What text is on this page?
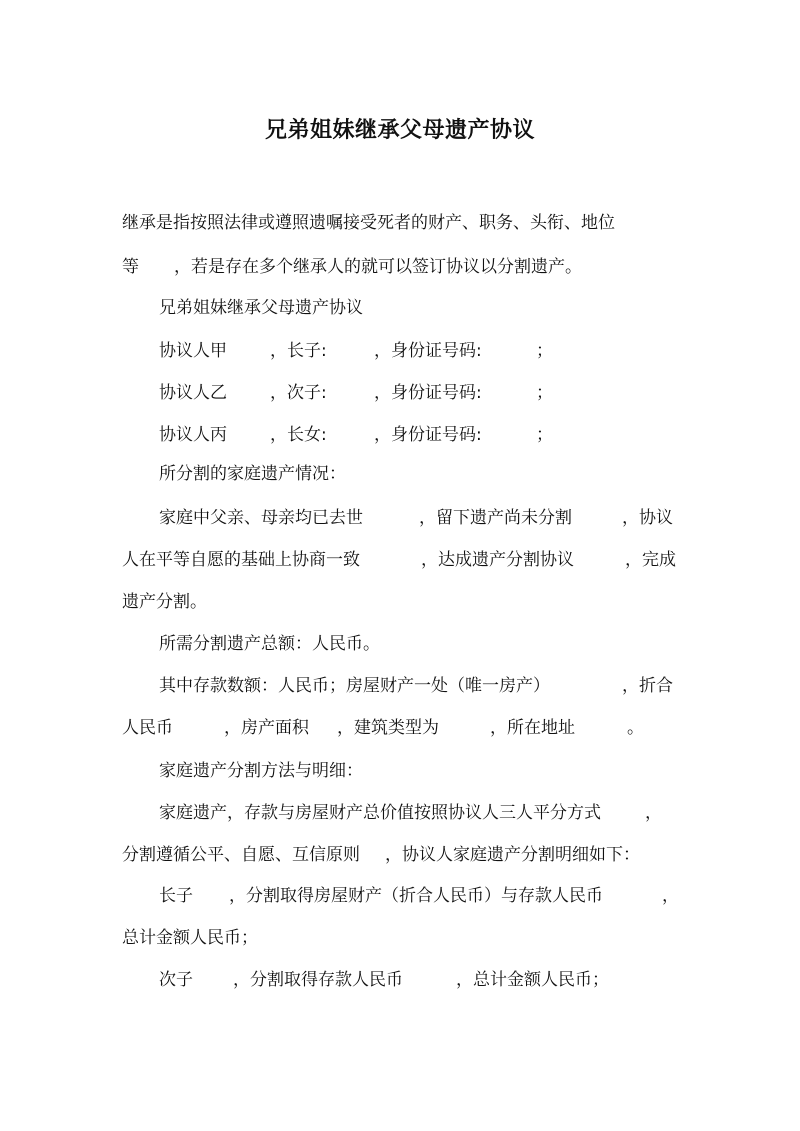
兄弟姐妹继承父母遗产协议
继承是指按照法律或遵照遗嘱接受死者的财产、职务、头衔、地位

等

，若是存在多个继承人的就可以签订协议以分割遗产。

兄弟姐妹继承父母遗产协议

协议人甲

	，长子:

	，身份证号码:

	；

协议人乙

	，次子:

	，身份证号码:

	；

协议人丙

	，长女:

	，身份证号码:

	；

所分割的家庭遗产情况：

家庭中父亲、母亲均已去世

	，留下遗产尚未分割

	，协议

人在平等自愿的基础上协商一致

	，达成遗产分割协议

	，完成

遗产分割。
所需分割遗产总额：人民币。

其中存款数额：人民币；房屋财产一处（唯一房产）

	，折合

人民币

	，房产面积

，建筑类型为

	，所在地址

	。

家庭遗产分割方法与明细：

家庭遗产，存款与房屋财产总价值按照协议人三人平分方式

	，

分割遵循公平、自愿、互信原则

，协议人家庭遗产分割明细如下：

长子

，分割取得房屋财产（折合人民币）与存款人民币

	，

总计金额人民币；

次子

，分割取得存款人民币

	，总计金额人民币；
